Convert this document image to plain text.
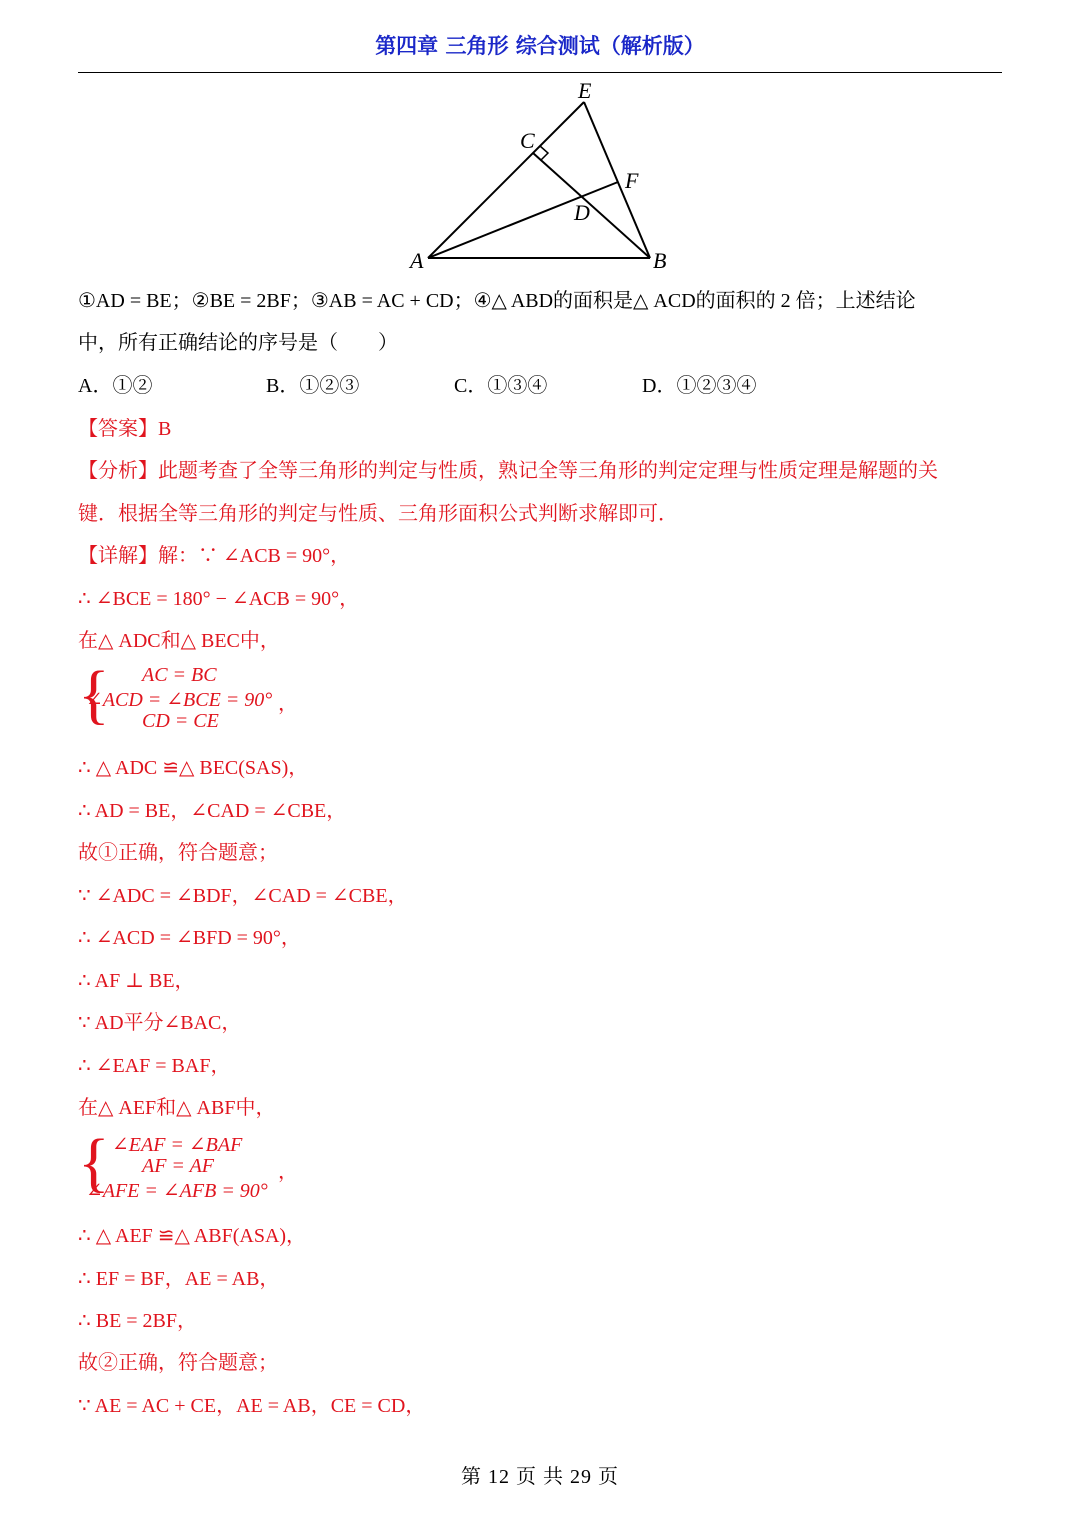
第四章 三角形 综合测试（解析版）
E
C
F
D
A	B
①AD = BE；②BE = 2BF；③AB = AC + CD；④△ ABD的面积是△ ACD的面积的 2 倍；上述结论
中，所有正确结论的序号是（　　）
A．①②	B．①②③	C．①③④	D．①②③④
【答案】B
【分析】此题考查了全等三角形的判定与性质，熟记全等三角形的判定定理与性质定理是解题的关
键．根据全等三角形的判定与性质、三角形面积公式判断求解即可．
【详解】解：∵ ∠ACB = 90°，
∴ ∠BCE = 180° − ∠ACB = 90°，
在△ ADC和△ BEC中，
{ AC = BC
∠ACD = ∠BCE = 90°
CD = CE
，
∴ △ ADC ≌△ BEC(SAS)，
∴ AD = BE，∠CAD = ∠CBE，
故①正确，符合题意；
∵ ∠ADC = ∠BDF，∠CAD = ∠CBE，
∴ ∠ACD = ∠BFD = 90°，
∴ AF ⊥ BE，
∵ AD平分∠BAC，
∴ ∠EAF = BAF，
在△ AEF和△ ABF中，
{ ∠EAF = ∠BAF
AF = AF
∠AFE = ∠AFB = 90°
，
∴ △ AEF ≌△ ABF(ASA)，
∴ EF = BF，AE = AB，
∴ BE = 2BF，
故②正确，符合题意；
∵ AE = AC + CE，AE = AB，CE = CD，
第 12 页 共 29 页
